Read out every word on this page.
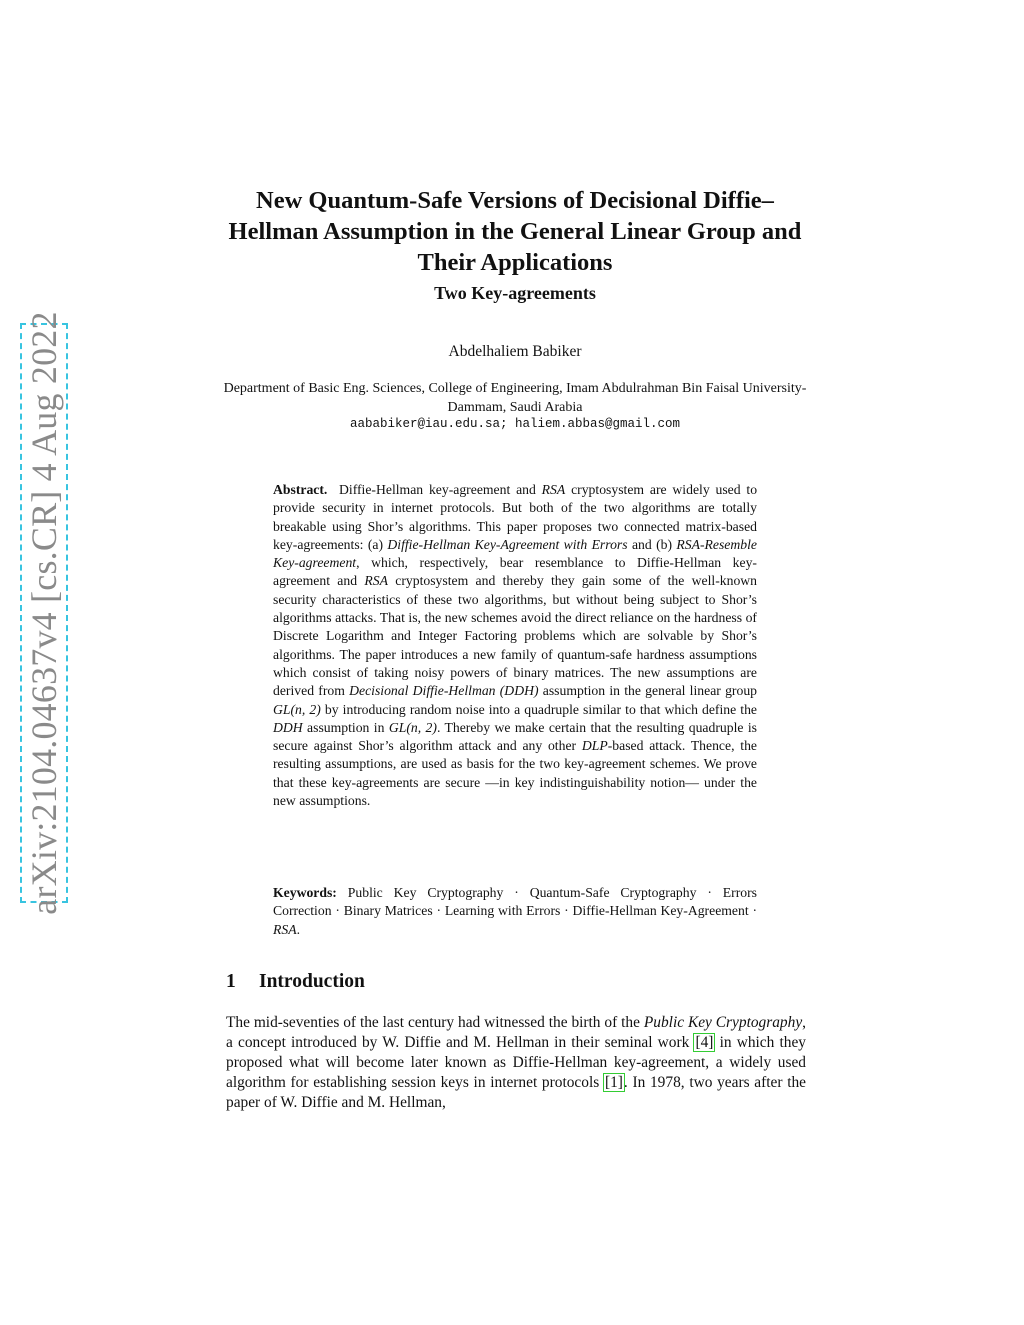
arXiv:2104.04637v4 [cs.CR] 4 Aug 2022
New Quantum-Safe Versions of Decisional Diffie–Hellman Assumption in the General Linear Group and Their Applications
Two Key-agreements
Abdelhaliem Babiker
Department of Basic Eng. Sciences, College of Engineering, Imam Abdulrahman Bin Faisal University- Dammam, Saudi Arabia
aababiker@iau.edu.sa; haliem.abbas@gmail.com

Abstract. Diffie-Hellman key-agreement and RSA cryptosystem are widely used to provide security in internet protocols. But both of the two algorithms are totally breakable using Shor’s algorithms. This paper proposes two connected matrix-based key-agreements: (a) Diffie-Hellman Key-Agreement with Errors and (b) RSA-Resemble Key-agreement, which, respectively, bear resemblance to Diffie-Hellman key-agreement and RSA cryptosystem and thereby they gain some of the well-known security characteristics of these two algorithms, but without being subject to Shor’s algorithms attacks. That is, the new schemes avoid the direct reliance on the hardness of Discrete Logarithm and Integer Factoring problems which are solvable by Shor’s algorithms. The paper introduces a new family of quantum-safe hardness assumptions which consist of taking noisy powers of binary matrices. The new assumptions are derived from Decisional Diffie-Hellman (DDH) assumption in the general linear group GL(n, 2) by introducing random noise into a quadruple similar to that which define the DDH assumption in GL(n, 2). Thereby we make certain that the resulting quadruple is secure against Shor’s algorithm attack and any other DLP-based attack. Thence, the resulting assumptions, are used as basis for the two key-agreement schemes. We prove that these key-agreements are secure —in key indistinguishability notion— under the new assumptions.

Keywords: Public Key Cryptography · Quantum-Safe Cryptography · Errors Correction · Binary Matrices · Learning with Errors · Diffie-Hellman Key-Agreement · RSA.

1 Introduction

The mid-seventies of the last century had witnessed the birth of the Public Key Cryptography, a concept introduced by W. Diffie and M. Hellman in their seminal work [4] in which they proposed what will become later known as Diffie-Hellman key-agreement, a widely used algorithm for establishing session keys in internet protocols [1]. In 1978, two years after the paper of W. Diffie and M. Hellman,
